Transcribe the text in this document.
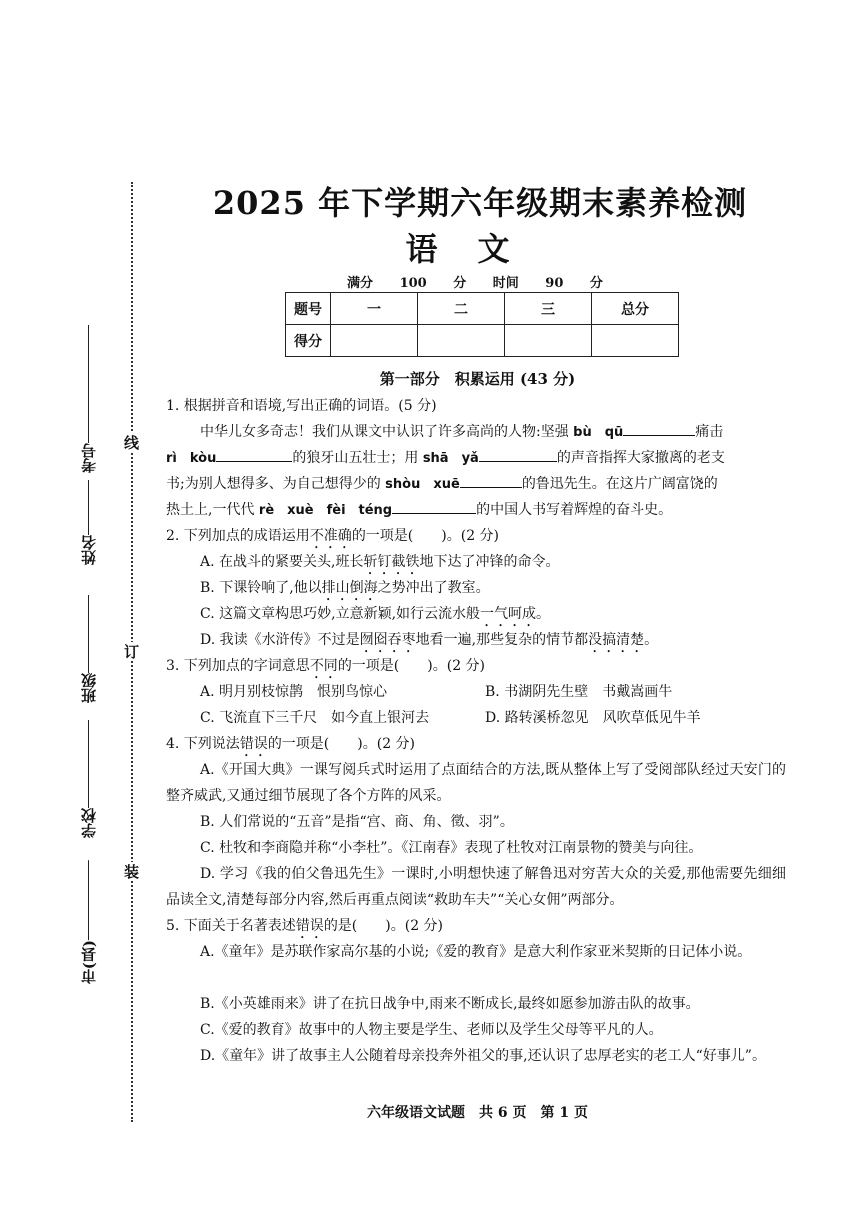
线
订
装
考号
姓名
班级
学校
市(县)
2025 年下学期六年级期末素养检测
语文
满分 100 分 时间 90 分
题号	一	二	三	总分
得分				
第一部分　积累运用 (43 分)
1. 根据拼音和语境,写出正确的词语。(5 分)
中华儿女多奇志！我们从课文中认识了许多高尚的人物:坚强 bù　qū	痛击
rì　kòu	的狼牙山五壮士；用 shā　yǎ	的声音指挥大家撤离的老支
书;为别人想得多、为自己想得少的 shòu　xuē	的鲁迅先生。在这片广阔富饶的
热土上,一代代 rè　xuè　fèi　téng	的中国人书写着辉煌的奋斗史。
2. 下列加点的成语运用不准确的一项是(　　)。(2 分)
A. 在战斗的紧要关头,班长斩钉截铁地下达了冲锋的命令。
B. 下课铃响了,他以排山倒海之势冲出了教室。
C. 这篇文章构思巧妙,立意新颖,如行云流水般一气呵成。
D. 我读《水浒传》不过是囫囵吞枣地看一遍,那些复杂的情节都没搞清楚。
3. 下列加点的字词意思不同的一项是(　　)。(2 分)
A. 明月别枝惊鹊　恨别鸟惊心	B. 书湖阴先生壁　书戴嵩画牛
C. 飞流直下三千尺　如今直上银河去	D. 路转溪桥忽见　风吹草低见牛羊
4. 下列说法错误的一项是(　　)。(2 分)
A.《开国大典》一课写阅兵式时运用了点面结合的方法,既从整体上写了受阅部队经过天安门的整齐威武,又通过细节展现了各个方阵的风采。
B. 人们常说的“五音”是指“宫、商、角、徵、羽”。
C. 杜牧和李商隐并称“小李杜”。《江南春》表现了杜牧对江南景物的赞美与向往。
D. 学习《我的伯父鲁迅先生》一课时,小明想快速了解鲁迅对穷苦大众的关爱,那他需要先细细品读全文,清楚每部分内容,然后再重点阅读“救助车夫”“关心女佣”两部分。
5. 下面关于名著表述错误的是(　　)。(2 分)
A.《童年》是苏联作家高尔基的小说;《爱的教育》是意大利作家亚米契斯的日记体小说。
B.《小英雄雨来》讲了在抗日战争中,雨来不断成长,最终如愿参加游击队的故事。
C.《爱的教育》故事中的人物主要是学生、老师以及学生父母等平凡的人。
D.《童年》讲了故事主人公随着母亲投奔外祖父的事,还认识了忠厚老实的老工人“好事儿”。
六年级语文试题　共 6 页　第 1 页
